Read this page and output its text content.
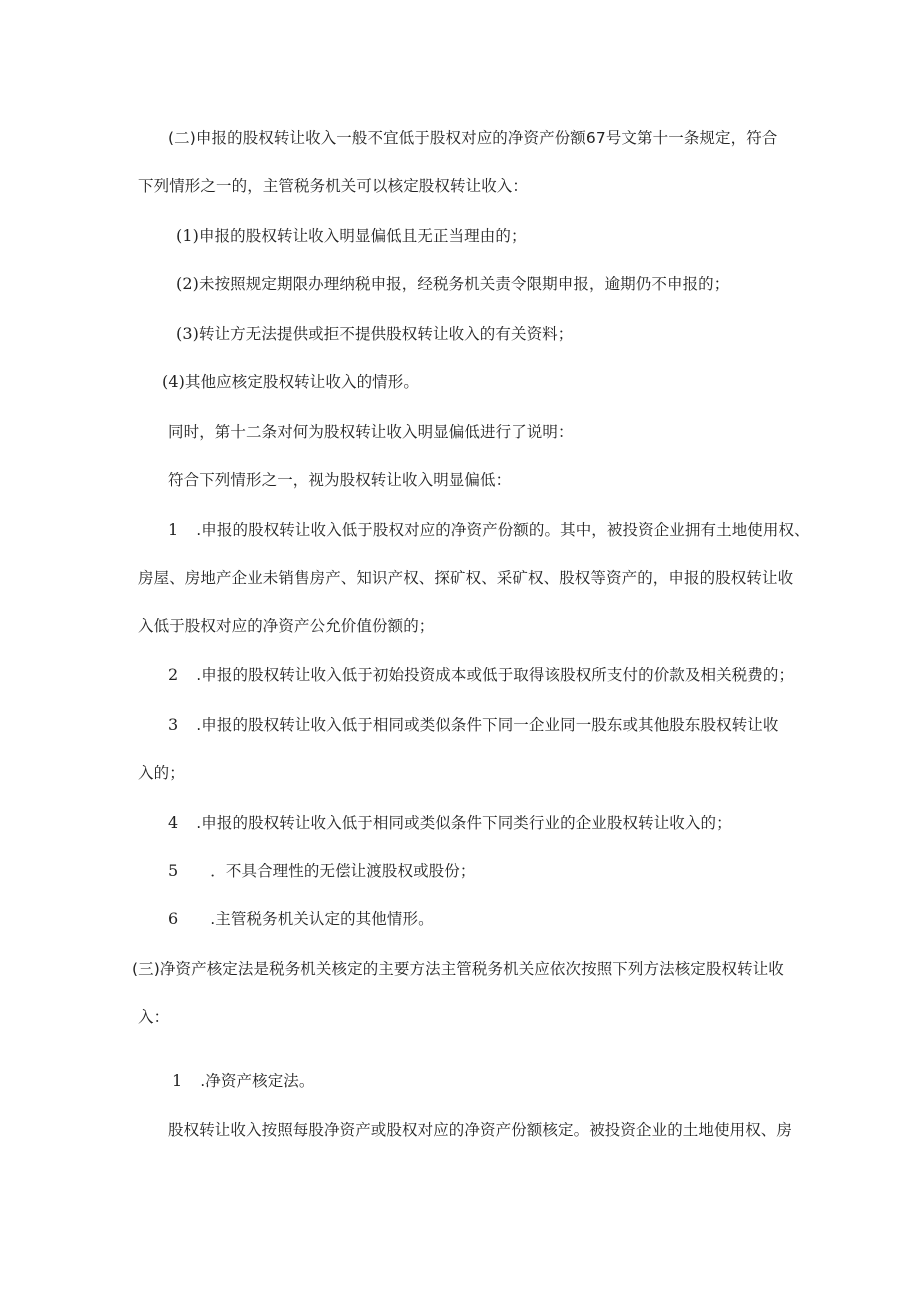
(二)申报的股权转让收入一般不宜低于股权对应的净资产份额67号文第十一条规定，符合
下列情形之一的，主管税务机关可以核定股权转让收入：
(1)申报的股权转让收入明显偏低且无正当理由的；
(2)未按照规定期限办理纳税申报，经税务机关责令限期申报，逾期仍不申报的；
(3)转让方无法提供或拒不提供股权转让收入的有关资料；
(4)其他应核定股权转让收入的情形。
同时，第十二条对何为股权转让收入明显偏低进行了说明：
符合下列情形之一，视为股权转让收入明显偏低：
1 .申报的股权转让收入低于股权对应的净资产份额的。其中，被投资企业拥有土地使用权、
房屋、房地产企业未销售房产、知识产权、探矿权、采矿权、股权等资产的，申报的股权转让收
入低于股权对应的净资产公允价值份额的；
2 .申报的股权转让收入低于初始投资成本或低于取得该股权所支付的价款及相关税费的；
3 .申报的股权转让收入低于相同或类似条件下同一企业同一股东或其他股东股权转让收
入的；
4 .申报的股权转让收入低于相同或类似条件下同类行业的企业股权转让收入的；
5 ．不具合理性的无偿让渡股权或股份；
6 .主管税务机关认定的其他情形。
(三)净资产核定法是税务机关核定的主要方法主管税务机关应依次按照下列方法核定股权转让收
入：
1 .净资产核定法。
股权转让收入按照每股净资产或股权对应的净资产份额核定。被投资企业的土地使用权、房
